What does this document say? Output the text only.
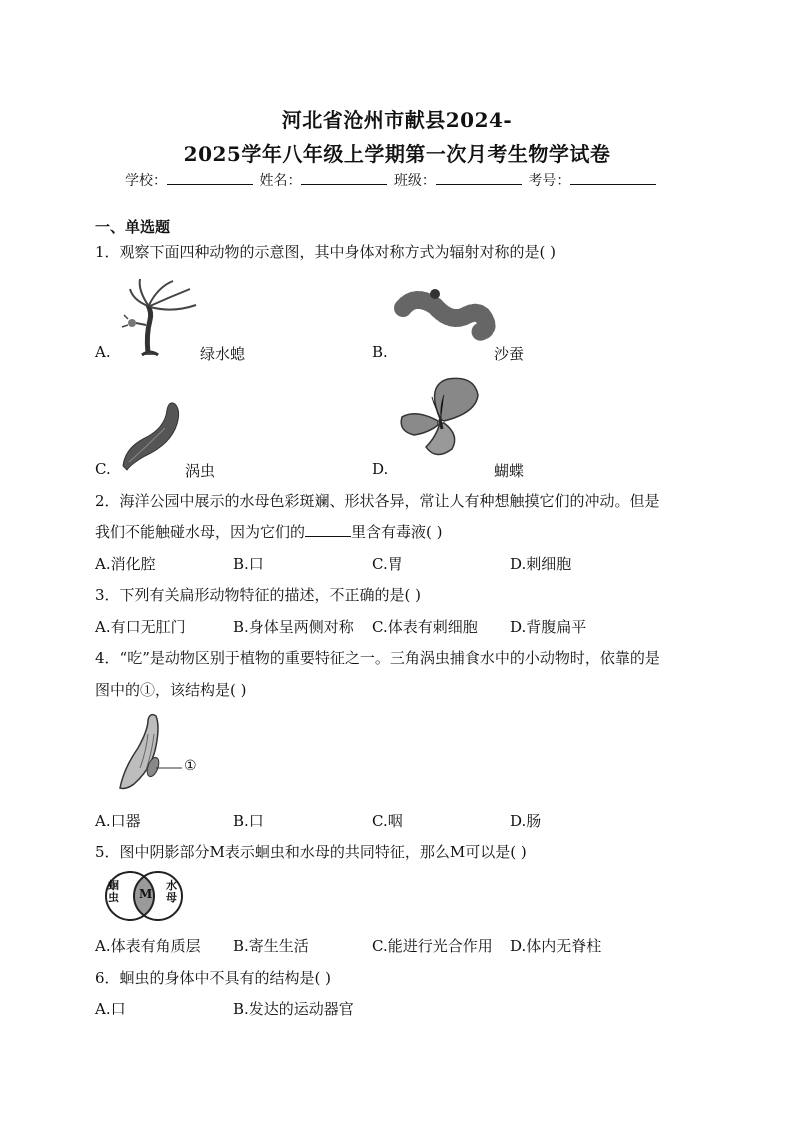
河北省沧州市献县2024-
2025学年八年级上学期第一次月考生物学试卷
学校：	姓名：	班级：	考号：
一、单选题
1．观察下面四种动物的示意图，其中身体对称方式为辐射对称的是( )
A.	绿水螅	B.	沙蚕
C.	涡虫	D.	蝴蝶
2．海洋公园中展示的水母色彩斑斓、形状各异，常让人有种想触摸它们的冲动。但是
我们不能触碰水母，因为它们的	里含有毒液( )
A.消化腔	B.口	C.胃	D.刺细胞
3．下列有关扁形动物特征的描述，不正确的是( )
A.有口无肛门	B.身体呈两侧对称 C.体表有刺细胞 D.背腹扁平
4．“吃”是动物区别于植物的重要特征之一。三角涡虫捕食水中的小动物时，依靠的是
图中的①，该结构是( )
①
A.口器	B.口	C.咽	D.肠
5．图中阴影部分M表示蛔虫和水母的共同特征，那么M可以是( )
蛔虫 M
水母
A.体表有角质层 B.寄生生活	C.能进行光合作用 D.体内无脊柱
6．蛔虫的身体中不具有的结构是( )
A.口	B.发达的运动器官
